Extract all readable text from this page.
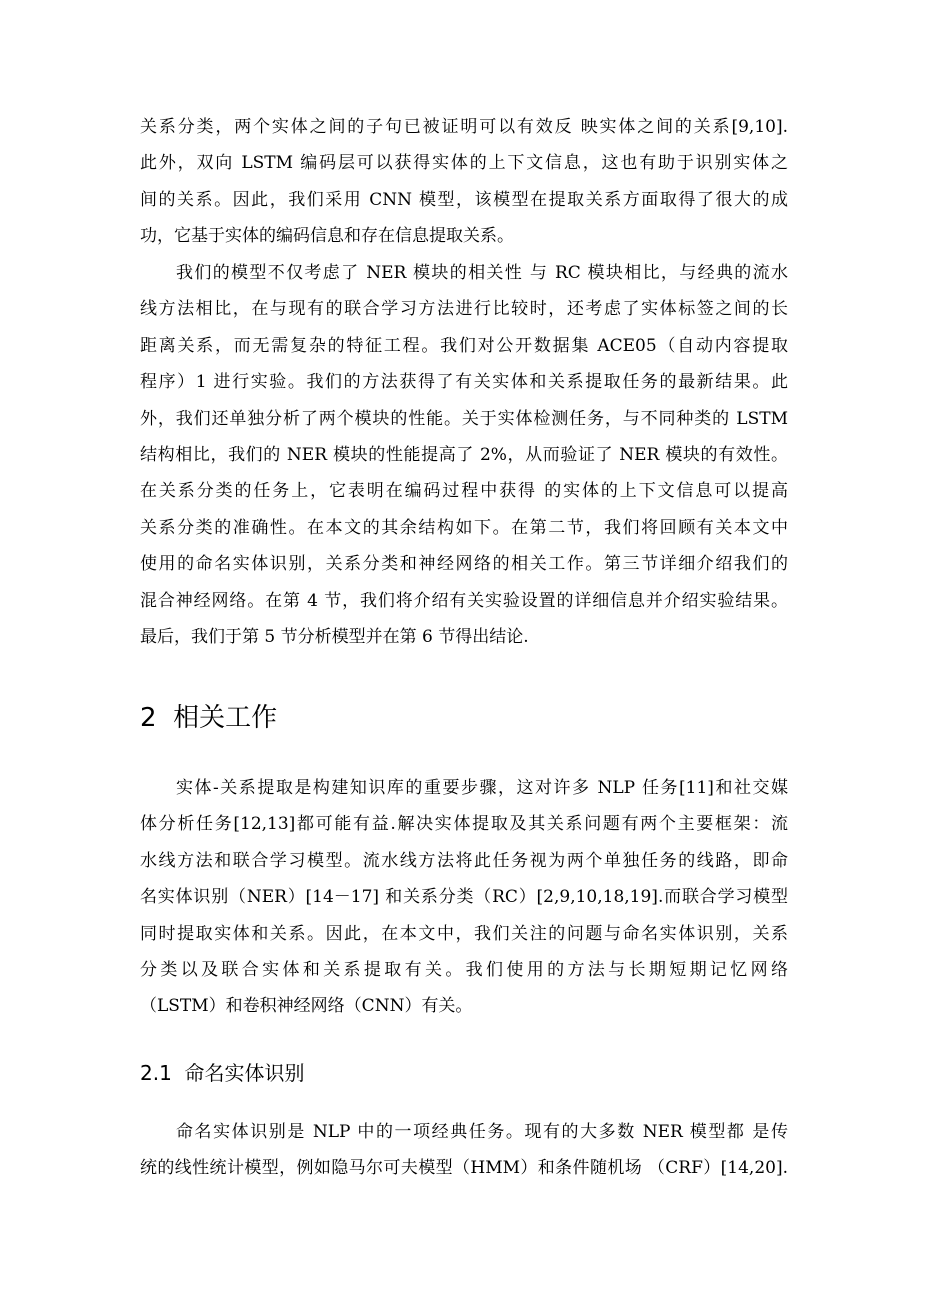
关系分类，两个实体之间的子句已被证明可以有效反 映实体之间的关系[9,10].
此外，双向 LSTM 编码层可以获得实体的上下文信息，这也有助于识别实体之
间的关系。因此，我们采用 CNN 模型，该模型在提取关系方面取得了很大的成
功，它基于实体的编码信息和存在信息提取关系。

我们的模型不仅考虑了 NER 模块的相关性 与 RC 模块相比，与经典的流水
线方法相比，在与现有的联合学习方法进行比较时，还考虑了实体标签之间的长
距离关系，而无需复杂的特征工程。我们对公开数据集 ACE05（自动内容提取
程序）1 进行实验。我们的方法获得了有关实体和关系提取任务的最新结果。此
外，我们还单独分析了两个模块的性能。关于实体检测任务，与不同种类的 LSTM
结构相比，我们的 NER 模块的性能提高了 2%，从而验证了 NER 模块的有效性。
在关系分类的任务上，它表明在编码过程中获得 的实体的上下文信息可以提高
关系分类的准确性。在本文的其余结构如下。在第二节，我们将回顾有关本文中
使用的命名实体识别，关系分类和神经网络的相关工作。第三节详细介绍我们的
混合神经网络。在第 4 节，我们将介绍有关实验设置的详细信息并介绍实验结果。
最后，我们于第 5 节分析模型并在第 6 节得出结论.

2 相关工作

实体-关系提取是构建知识库的重要步骤，这对许多 NLP 任务[11]和社交媒
体分析任务[12,13]都可能有益.解决实体提取及其关系问题有两个主要框架：流
水线方法和联合学习模型。流水线方法将此任务视为两个单独任务的线路，即命
名实体识别（NER）[14－17] 和关系分类（RC）[2,9,10,18,19].而联合学习模型
同时提取实体和关系。因此，在本文中，我们关注的问题与命名实体识别，关系
分类以及联合实体和关系提取有关。我们使用的方法与长期短期记忆网络
（LSTM）和卷积神经网络（CNN）有关。

2.1 命名实体识别

命名实体识别是 NLP 中的一项经典任务。现有的大多数 NER 模型都 是传
统的线性统计模型，例如隐马尔可夫模型（HMM）和条件随机场 （CRF）[14,20].
